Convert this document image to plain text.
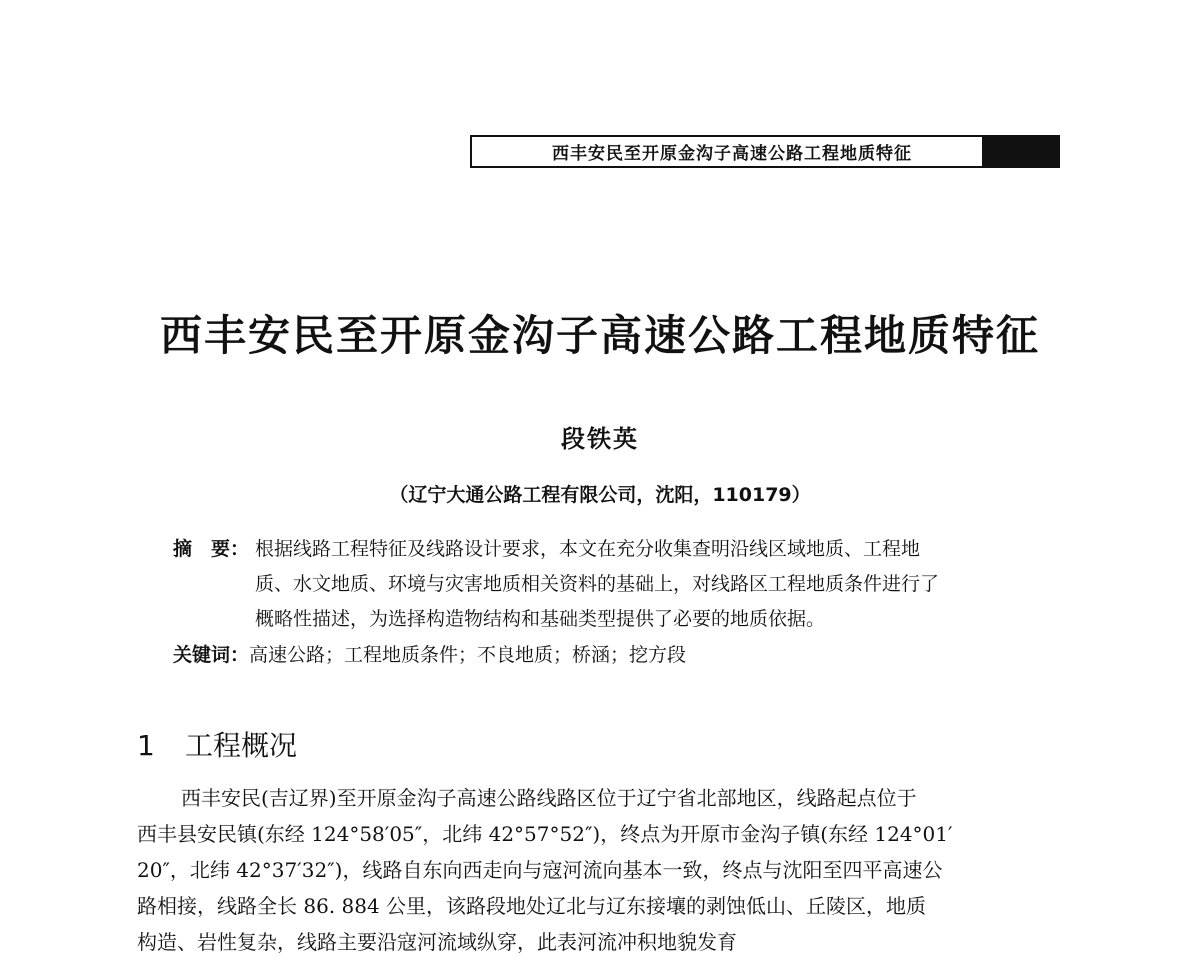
西丰安民至开原金沟子高速公路工程地质特征
西丰安民至开原金沟子高速公路工程地质特征
段铁英
（辽宁大通公路工程有限公司，沈阳，110179）
摘　要： 根据线路工程特征及线路设计要求，本文在充分收集查明沿线区域地质、工程地
质、水文地质、环境与灾害地质相关资料的基础上，对线路区工程地质条件进行了
概略性描述，为选择构造物结构和基础类型提供了必要的地质依据。
关键词：高速公路；工程地质条件；不良地质；桥涵；挖方段
1 工程概况
西丰安民(吉辽界)至开原金沟子高速公路线路区位于辽宁省北部地区，线路起点位于
西丰县安民镇(东经 124°58′05″，北纬 42°57°52″)，终点为开原市金沟子镇(东经 124°01′
20″，北纬 42°37′32″)，线路自东向西走向与寇河流向基本一致，终点与沈阳至四平高速公
路相接，线路全长 86. 884 公里，该路段地处辽北与辽东接壤的剥蚀低山、丘陵区，地质
构造、岩性复杂，线路主要沿寇河流域纵穿，此表河流冲积地貌发育
